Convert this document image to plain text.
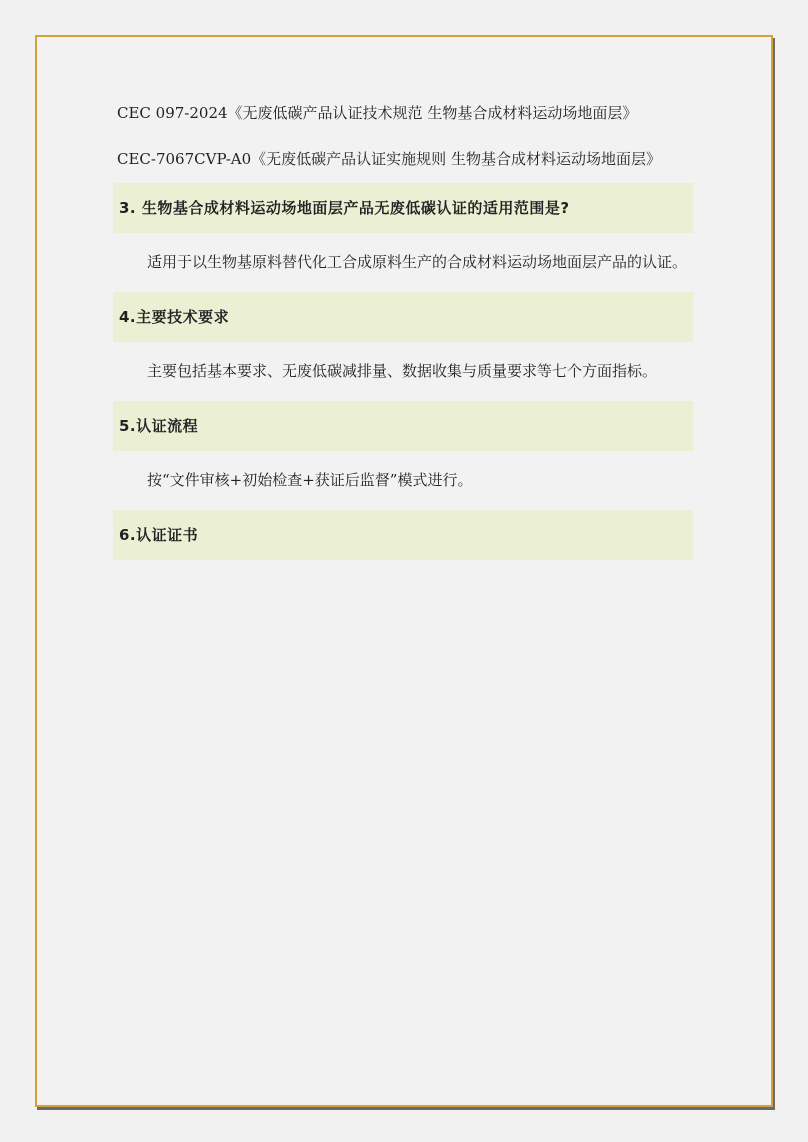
CEC 097-2024《无废低碳产品认证技术规范 生物基合成材料运动场地面层》

CEC-7067CVP-A0《无废低碳产品认证实施规则 生物基合成材料运动场地面层》

3. 生物基合成材料运动场地面层产品无废低碳认证的适用范围是?

适用于以生物基原料替代化工合成原料生产的合成材料运动场地面层产品的认证。

4.主要技术要求

主要包括基本要求、无废低碳减排量、数据收集与质量要求等七个方面指标。

5.认证流程

按“文件审核+初始检查+获证后监督”模式进行。

6.认证证书
